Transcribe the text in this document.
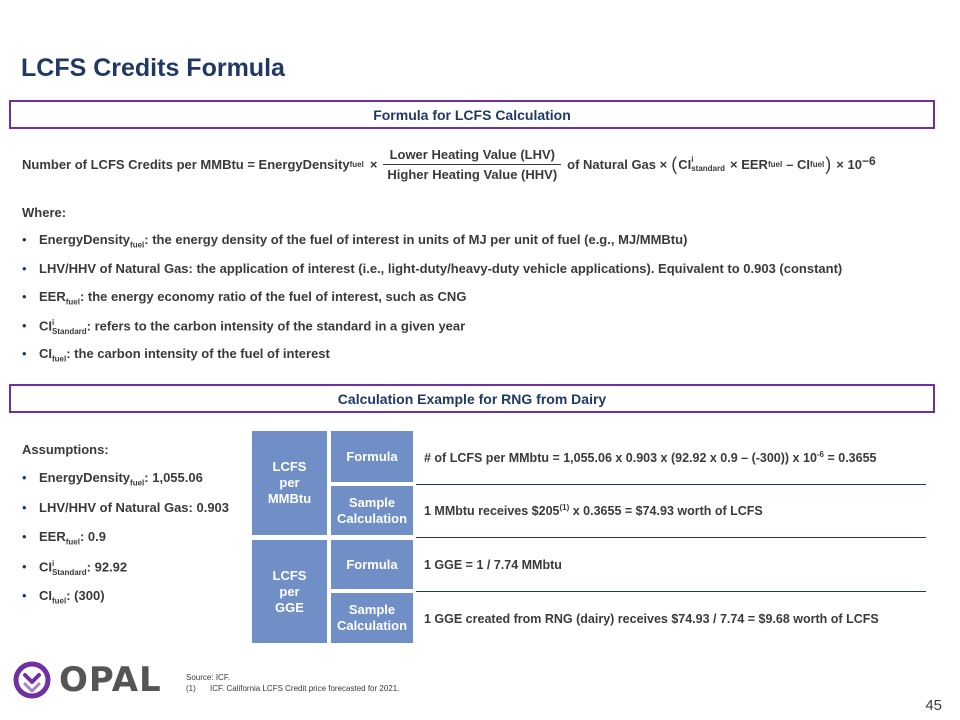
LCFS Credits Formula
Formula for LCFS Calculation
Number of LCFS Credits per MMBtu = EnergyDensity fuel × $\frac{\text{Lower Heating Value (LHV)}}{\text{Higher Heating Value (HHV)}}$ of Natural Gas × ( CI i
standard × EER fuel – CI fuel ) × $10^{-6}$
Where:
• EnergyDensity$_{fuel}$: the energy density of the fuel of interest in units of MJ per unit of fuel (e.g., MJ/MMBtu)
• LHV/HHV of Natural Gas: the application of interest (i.e., light-duty/heavy-duty vehicle applications). Equivalent to 0.903 (constant)
• $EER_{fuel}$: the energy economy ratio of the fuel of interest, such as CNG
• CI i
Standard : refers to the carbon intensity of the standard in a given year
• $CI_{fuel}$: the carbon intensity of the fuel of interest
Calculation Example for RNG from Dairy
Assumptions:
• EnergyDensity$_{fuel}$: 1,055.06
• LHV/HHV of Natural Gas: 0.903
• $EER_{fuel}$: 0.9
• CI i
Standard : 92.92
• $CI_{fuel}$: (300)
LCFS
per
MMBtu
LCFS
per
GGE
Formula
Sample
Calculation
Formula
Sample
Calculation
# of LCFS per MMbtu = 1,055.06 x 0.903 x (92.92 x 0.9 – (-300)) x $10^{-6} = 0.3655$
1 MMbtu receives $205$^{(1)}$ x 0.3655 = $74.93 worth of LCFS
1 GGE = 1 / 7.74 MMbtu
1 GGE created from RNG (dairy) receives $74.93 / 7.74 = $9.68 worth of LCFS
OPAL	Source: ICF.
(1) ICF. California LCFS Credit price forecasted for 2021.
45
